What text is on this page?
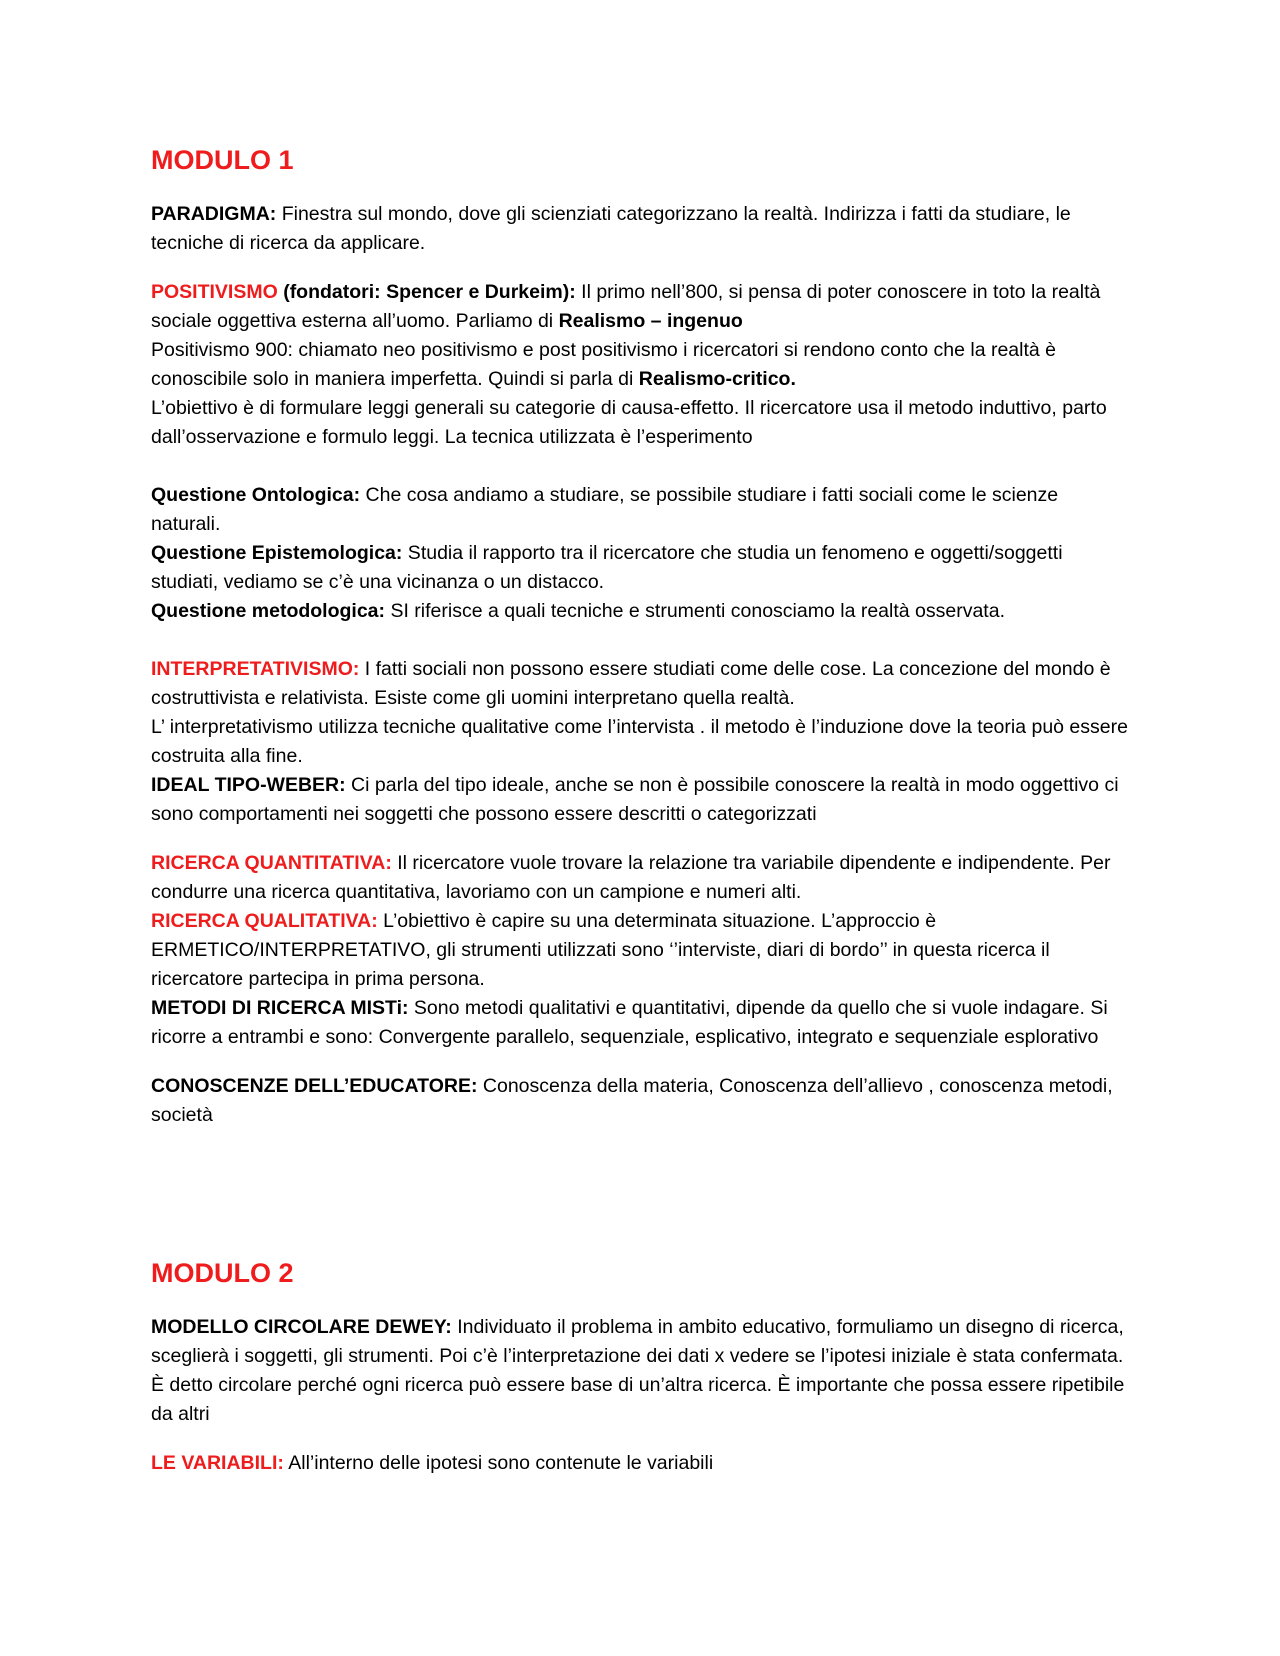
MODULO 1

PARADIGMA: Finestra sul mondo, dove gli scienziati categorizzano la realtà. Indirizza i fatti da studiare, le tecniche di ricerca da applicare.

POSITIVISMO (fondatori: Spencer e Durkeim): Il primo nell’800, si pensa di poter conoscere in toto la realtà sociale oggettiva esterna all’uomo. Parliamo di Realismo – ingenuo

Positivismo 900: chiamato neo positivismo e post positivismo i ricercatori si rendono conto che la realtà è conoscibile solo in maniera imperfetta. Quindi si parla di Realismo-critico.

L’obiettivo è di formulare leggi generali su categorie di causa-effetto. Il ricercatore usa il metodo induttivo, parto dall’osservazione e formulo leggi. La tecnica utilizzata è l’esperimento

Questione Ontologica: Che cosa andiamo a studiare, se possibile studiare i fatti sociali come le scienze naturali.

Questione Epistemologica: Studia il rapporto tra il ricercatore che studia un fenomeno e oggetti/soggetti studiati, vediamo se c’è una vicinanza o un distacco.

Questione metodologica: SI riferisce a quali tecniche e strumenti conosciamo la realtà osservata.

INTERPRETATIVISMO: I fatti sociali non possono essere studiati come delle cose. La concezione del mondo è costruttivista e relativista. Esiste come gli uomini interpretano quella realtà.

L’ interpretativismo utilizza tecniche qualitative come l’intervista . il metodo è l’induzione dove la teoria può essere costruita alla fine.

IDEAL TIPO-WEBER: Ci parla del tipo ideale, anche se non è possibile conoscere la realtà in modo oggettivo ci sono comportamenti nei soggetti che possono essere descritti o categorizzati

RICERCA QUANTITATIVA: Il ricercatore vuole trovare la relazione tra variabile dipendente e indipendente. Per condurre una ricerca quantitativa, lavoriamo con un campione e numeri alti.

RICERCA QUALITATIVA: L’obiettivo è capire su una determinata situazione. L’approccio è ERMETICO/INTERPRETATIVO, gli strumenti utilizzati sono ‘’interviste, diari di bordo’’ in questa ricerca il ricercatore partecipa in prima persona.

METODI DI RICERCA MISTi: Sono metodi qualitativi e quantitativi, dipende da quello che si vuole indagare. Si ricorre a entrambi e sono: Convergente parallelo, sequenziale, esplicativo, integrato e sequenziale esplorativo

CONOSCENZE DELL’EDUCATORE: Conoscenza della materia, Conoscenza dell’allievo , conoscenza metodi, società

MODULO 2

MODELLO CIRCOLARE DEWEY: Individuato il problema in ambito educativo, formuliamo un disegno di ricerca, sceglierà i soggetti, gli strumenti. Poi c’è l’interpretazione dei dati x vedere se l’ipotesi iniziale è stata confermata. È detto circolare perché ogni ricerca può essere base di un’altra ricerca. È importante che possa essere ripetibile da altri

LE VARIABILI: All’interno delle ipotesi sono contenute le variabili
